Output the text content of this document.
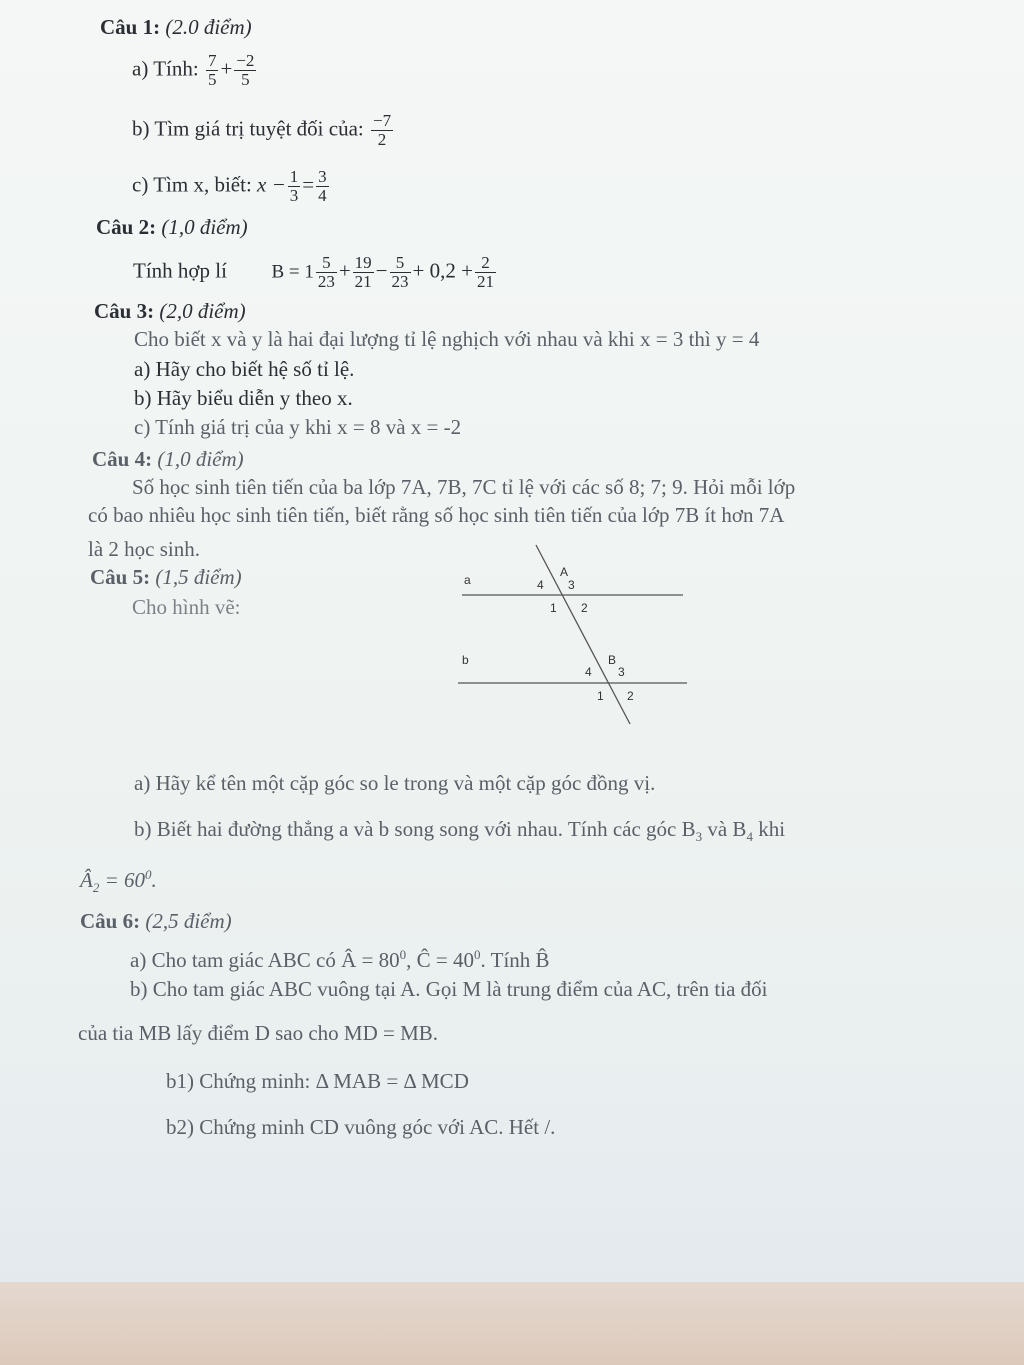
Câu 1: (2.0 điểm)
a) Tính: $\frac{7}{5} + \frac{-2}{5}$
b) Tìm giá trị tuyệt đối của: $\frac{-7}{2}$
c) Tìm x, biết: $x - \frac{1}{3} = \frac{3}{4}$
Câu 2: (1,0 điểm)
Tính hợp lí $B = 1 \frac{5}{23} + \frac{19}{21} - \frac{5}{23} + 0,2 + \frac{2}{21}$
Câu 3: (2,0 điểm)
Cho biết x và y là hai đại lượng tỉ lệ nghịch với nhau và khi x = 3 thì y = 4
a) Hãy cho biết hệ số tỉ lệ.
b) Hãy biểu diễn y theo x.
c) Tính giá trị của y khi x = 8 và x = -2
Câu 4: (1,0 điểm)
Số học sinh tiên tiến của ba lớp 7A, 7B, 7C tỉ lệ với các số 8; 7; 9. Hỏi mỗi lớp
có bao nhiêu học sinh tiên tiến, biết rằng số học sinh tiên tiến của lớp 7B ít hơn 7A
là 2 học sinh.
Câu 5: (1,5 điểm)
Cho hình vẽ:
a
b
A
3
4
1 2
B
3
4
1 2
a) Hãy kể tên một cặp góc so le trong và một cặp góc đồng vị.
b) Biết hai đường thẳng a và b song song với nhau. Tính các góc $B_3$ và $B_4$ khi
$Â_2 = 60^0$.
Câu 6: (2,5 điểm)
a) Cho tam giác ABC có Â = $80^0$, Ĉ = $40^0$. Tính B̂
b) Cho tam giác ABC vuông tại A. Gọi M là trung điểm của AC, trên tia đối
của tia MB lấy điểm D sao cho MD = MB.
b1) Chứng minh: Δ MAB = Δ MCD
b2) Chứng minh CD vuông góc với AC. Hết /.
